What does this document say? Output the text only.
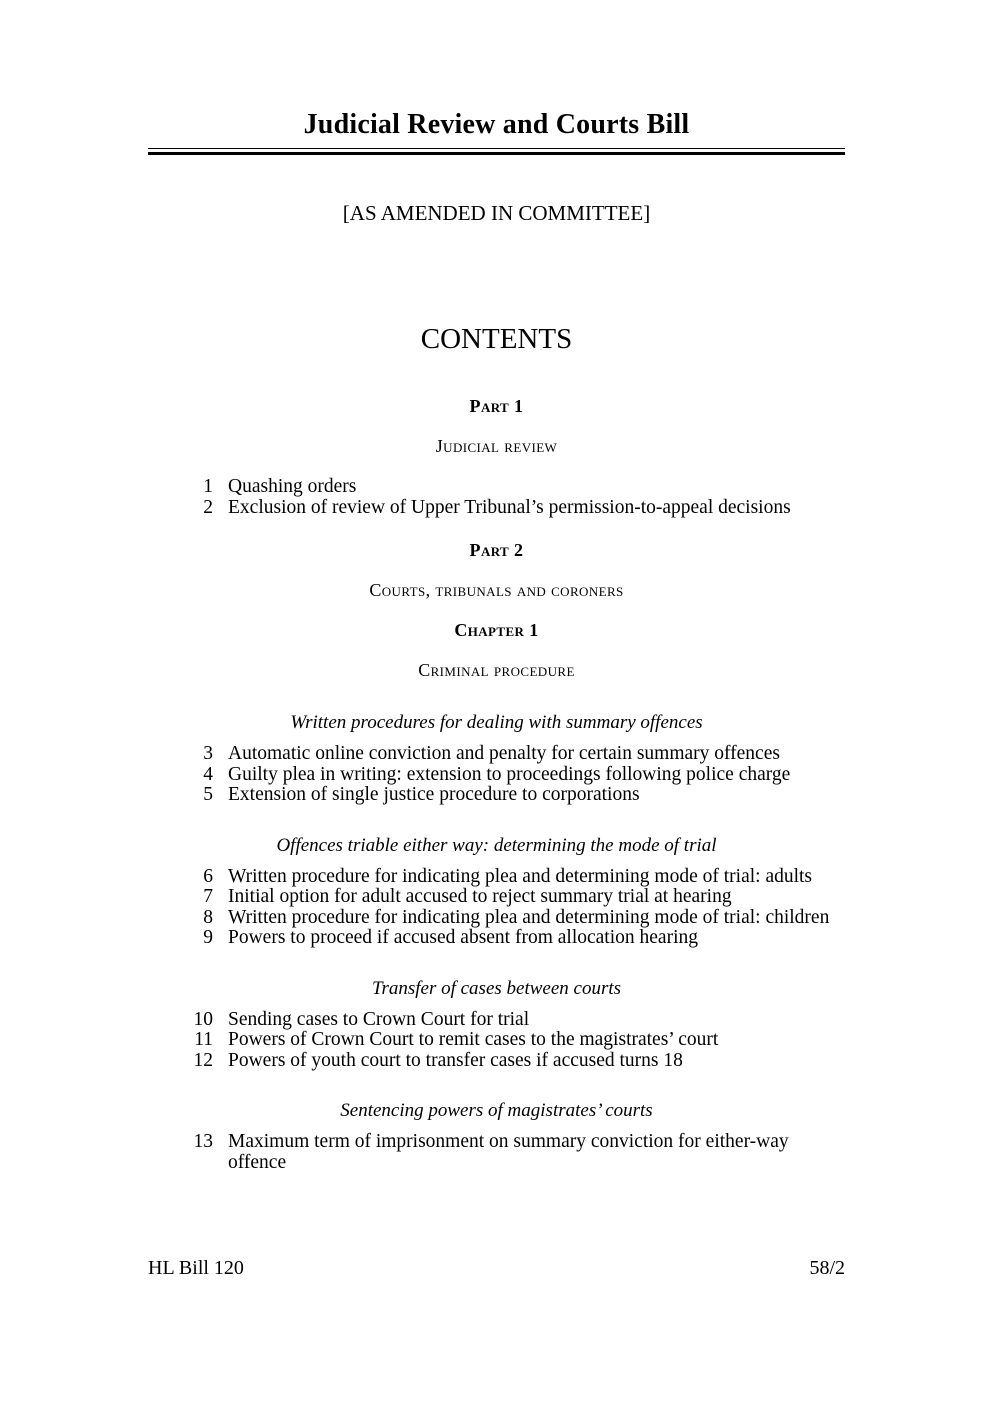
Judicial Review and Courts Bill
[AS AMENDED IN COMMITTEE]
CONTENTS
Part 1
Judicial review
1 Quashing orders
2 Exclusion of review of Upper Tribunal’s permission-to-appeal decisions
Part 2
Courts, tribunals and coroners
Chapter 1
Criminal procedure
Written procedures for dealing with summary offences
3 Automatic online conviction and penalty for certain summary offences
4 Guilty plea in writing: extension to proceedings following police charge
5 Extension of single justice procedure to corporations
Offences triable either way: determining the mode of trial
6 Written procedure for indicating plea and determining mode of trial: adults
7 Initial option for adult accused to reject summary trial at hearing
8 Written procedure for indicating plea and determining mode of trial: children
9 Powers to proceed if accused absent from allocation hearing
Transfer of cases between courts
10 Sending cases to Crown Court for trial
11 Powers of Crown Court to remit cases to the magistrates’ court
12 Powers of youth court to transfer cases if accused turns 18
Sentencing powers of magistrates’ courts
13 Maximum term of imprisonment on summary conviction for either-way offence
HL Bill 120	58/2
